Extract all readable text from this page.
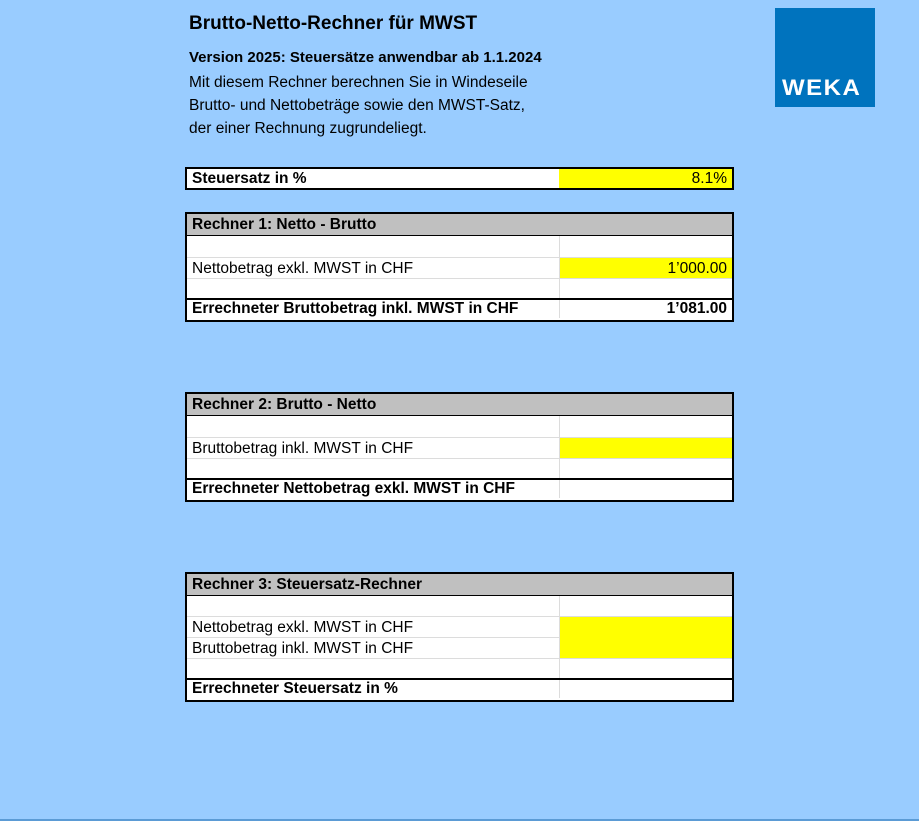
Brutto-Netto-Rechner für MWST
Version 2025: Steuersätze anwendbar ab 1.1.2024
Mit diesem Rechner berechnen Sie in Windeseile
Brutto- und Nettobeträge sowie den MWST-Satz,
der einer Rechnung zugrundeliegt.
WEKA
Steuersatz in %	8.1%
Rechner 1: Netto - Brutto
Nettobetrag exkl. MWST in CHF	1’000.00
Errechneter Bruttobetrag inkl. MWST in CHF	1’081.00
Rechner 2: Brutto - Netto
Bruttobetrag inkl. MWST in CHF
Errechneter Nettobetrag exkl. MWST in CHF
Rechner 3: Steuersatz-Rechner
Nettobetrag exkl. MWST in CHF
Bruttobetrag inkl. MWST in CHF
Errechneter Steuersatz in %
